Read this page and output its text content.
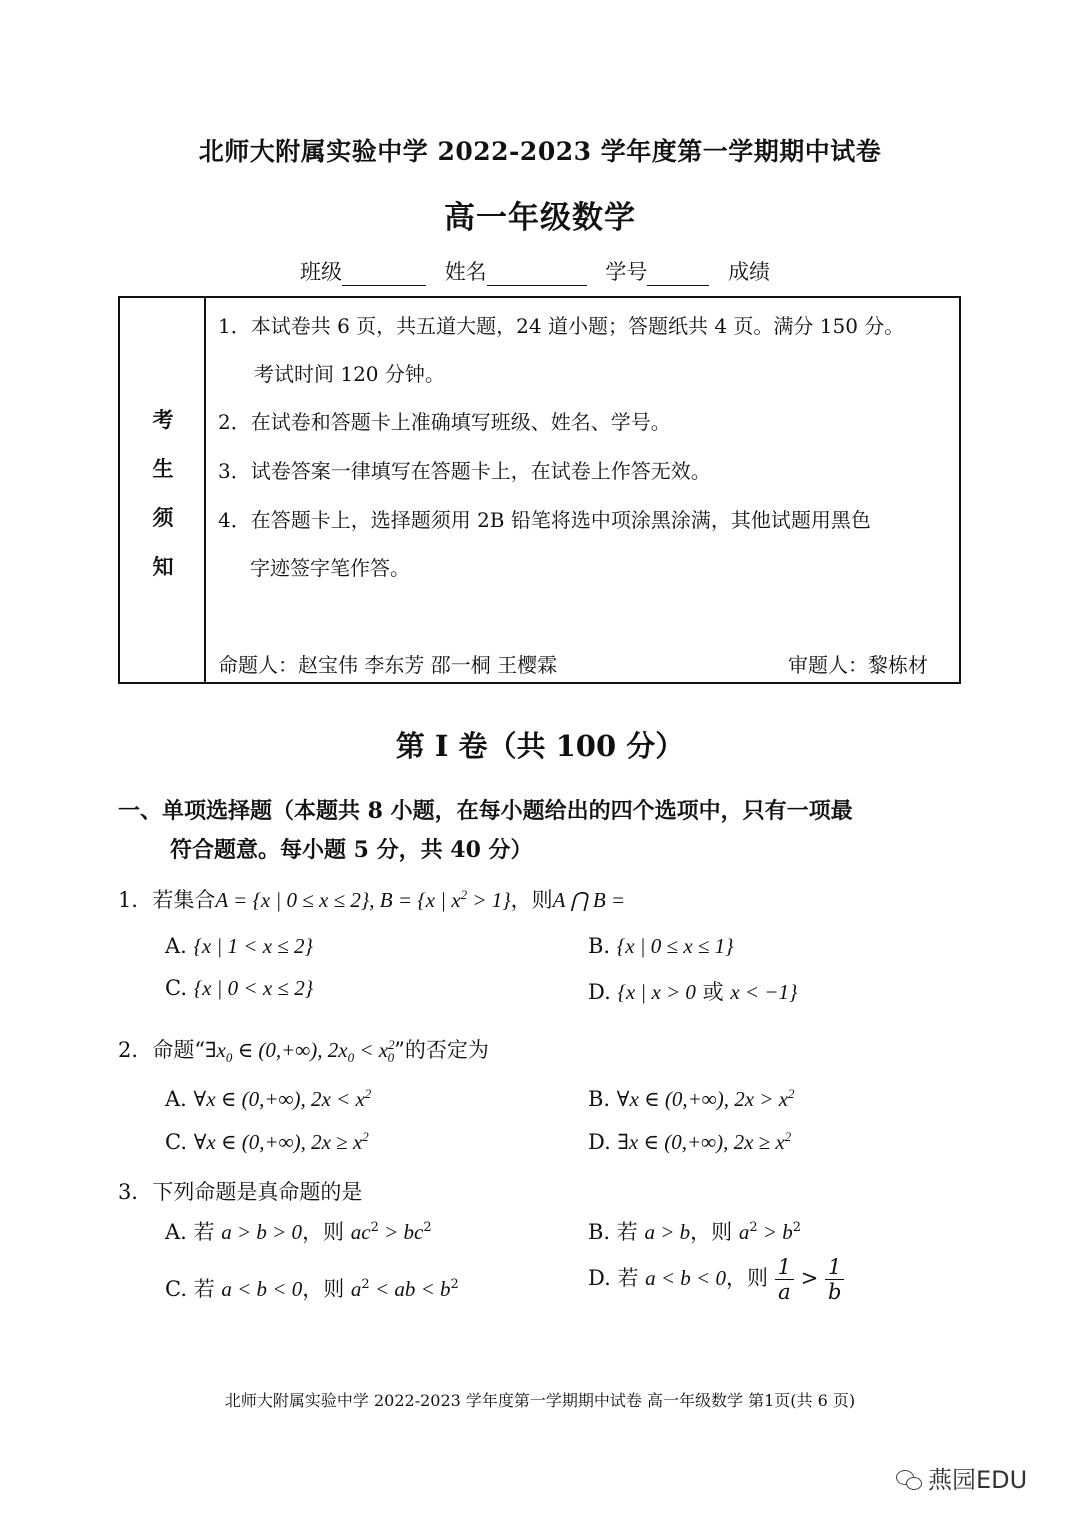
北师大附属实验中学 2022-2023 学年度第一学期期中试卷
高一年级数学
班级	姓名	学号	成绩
考
生
须
知
1．本试卷共 6 页，共五道大题，24 道小题；答题纸共 4 页。满分 150 分。
考试时间 120 分钟。
2．在试卷和答题卡上准确填写班级、姓名、学号。
3．试卷答案一律填写在答题卡上，在试卷上作答无效。
4．在答题卡上，选择题须用 2B 铅笔将选中项涂黑涂满，其他试题用黑色
字迹签字笔作答。
命题人：赵宝伟 李东芳 邵一桐 王樱霖	审题人：黎栋材
第 I 卷（共 100 分）
一、单项选择题（本题共 8 小题，在每小题给出的四个选项中，只有一项最
符合题意。每小题 5 分，共 40 分）
1．若集合A = {x | 0 ≤ x ≤ 2}, B = {x | $x^2 > 1$}，则A ⋂ B =
A. {x | 1 < x ≤ 2}	B. {x | 0 ≤ x ≤ 1}
C. {x | 0 < x ≤ 2}	D. {x | x > 0 或 x < −1}
2．命题“$\exists x_0$ ∈ (0,+∞), $2x_0 < x^2_0$”的否定为
A. ∀x ∈ (0,+∞), $2x < x^2$	B. ∀x ∈ (0,+∞), $2x > x^2$
C. ∀x ∈ (0,+∞), $2x \ge x^2$	D. ∃x ∈ (0,+∞), $2x \ge x^2$
3．下列命题是真命题的是
A. 若 a > b > 0，则 $ac^2 > bc^2$	B. 若 a > b，则 $a^2 > b^2$
C. 若 a < b < 0，则 $a^2$ < ab < $b^2$	D. 若 a < b < 0，则 $\frac{1}{a} > \frac{1}{b}$
北师大附属实验中学 2022-2023 学年度第一学期期中试卷 高一年级数学 第1页(共 6 页)
燕园EDU
